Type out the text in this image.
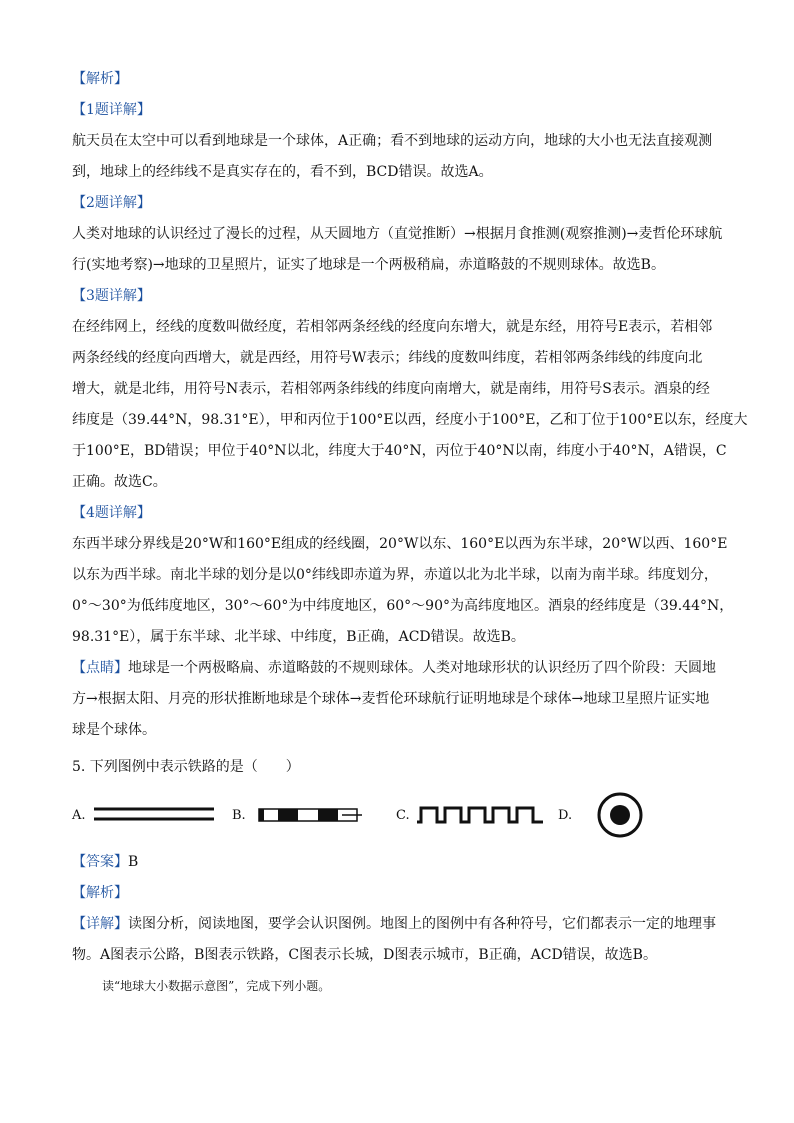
【解析】
【1题详解】
航天员在太空中可以看到地球是一个球体，A正确；看不到地球的运动方向，地球的大小也无法直接观测
到，地球上的经纬线不是真实存在的，看不到，BCD错误。故选A。
【2题详解】
人类对地球的认识经过了漫长的过程，从天圆地方（直觉推断）→根据月食推测(观察推测)→麦哲伦环球航
行(实地考察)→地球的卫星照片，证实了地球是一个两极稍扁，赤道略鼓的不规则球体。故选B。
【3题详解】
在经纬网上，经线的度数叫做经度，若相邻两条经线的经度向东增大，就是东经，用符号E表示，若相邻
两条经线的经度向西增大，就是西经，用符号W表示；纬线的度数叫纬度，若相邻两条纬线的纬度向北
增大，就是北纬，用符号N表示，若相邻两条纬线的纬度向南增大，就是南纬，用符号S表示。酒泉的经
纬度是（39.44°N，98.31°E），甲和丙位于100°E以西，经度小于100°E，乙和丁位于100°E以东，经度大
于100°E，BD错误；甲位于40°N以北，纬度大于40°N，丙位于40°N以南，纬度小于40°N，A错误，C
正确。故选C。
【4题详解】
东西半球分界线是20°W和160°E组成的经线圈，20°W以东、160°E以西为东半球，20°W以西、160°E
以东为西半球。南北半球的划分是以0°纬线即赤道为界，赤道以北为北半球，以南为南半球。纬度划分，
0°～30°为低纬度地区，30°～60°为中纬度地区，60°～90°为高纬度地区。酒泉的经纬度是（39.44°N，
98.31°E），属于东半球、北半球、中纬度，B正确，ACD错误。故选B。
【点睛】地球是一个两极略扁、赤道略鼓的不规则球体。人类对地球形状的认识经历了四个阶段：天圆地
方→根据太阳、月亮的形状推断地球是个球体→麦哲伦环球航行证明地球是个球体→地球卫星照片证实地
球是个球体。
5. 下列图例中表示铁路的是（　　）
A.	B.	C.	D.
【答案】B
【解析】
【详解】读图分析，阅读地图，要学会认识图例。地图上的图例中有各种符号，它们都表示一定的地理事
物。A图表示公路，B图表示铁路，C图表示长城，D图表示城市，B正确，ACD错误，故选B。
读“地球大小数据示意图”，完成下列小题。
